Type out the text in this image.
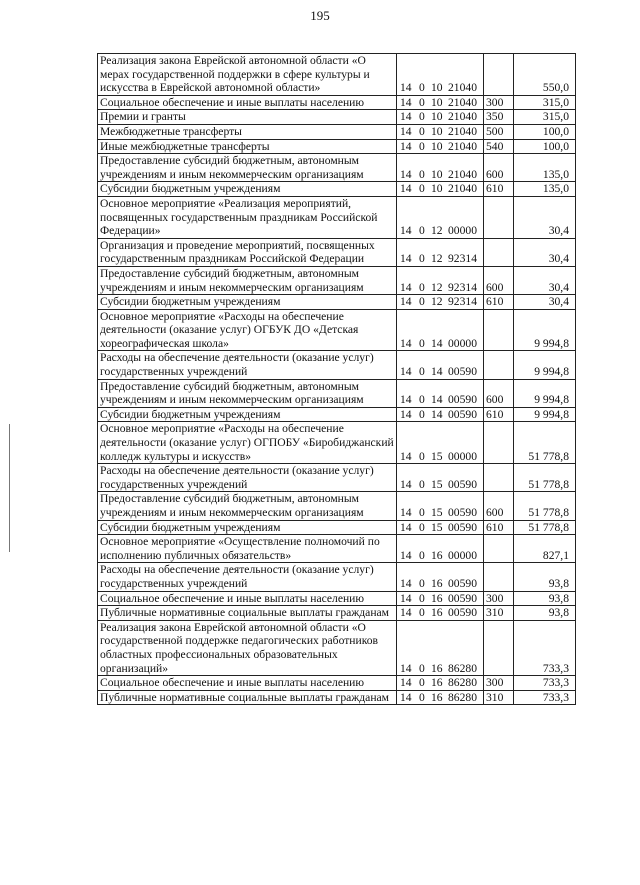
195
Реализация закона Еврейской автономной области «О мерах государственной поддержки в сфере культуры и искусства в Еврейской автономной области»	14 0 10 21040		550,0
Социальное обеспечение и иные выплаты населению	14 0 10 21040	300	315,0
Премии и гранты	14 0 10 21040	350	315,0
Межбюджетные трансферты	14 0 10 21040	500	100,0
Иные межбюджетные трансферты	14 0 10 21040	540	100,0
Предоставление субсидий бюджетным, автономным учреждениям и иным некоммерческим организациям	14 0 10 21040	600	135,0
Субсидии бюджетным учреждениям	14 0 10 21040	610	135,0
Основное мероприятие «Реализация мероприятий, посвященных государственным праздникам Российской Федерации»	14 0 12 00000		30,4
Организация и проведение мероприятий, посвященных государственным праздникам Российской Федерации	14 0 12 92314		30,4
Предоставление субсидий бюджетным, автономным учреждениям и иным некоммерческим организациям	14 0 12 92314	600	30,4
Субсидии бюджетным учреждениям	14 0 12 92314	610	30,4
Основное мероприятие «Расходы на обеспечение деятельности (оказание услуг) ОГБУК ДО «Детская хореографическая школа»	14 0 14 00000		9 994,8
Расходы на обеспечение деятельности (оказание услуг) государственных учреждений	14 0 14 00590		9 994,8
Предоставление субсидий бюджетным, автономным учреждениям и иным некоммерческим организациям	14 0 14 00590	600	9 994,8
Субсидии бюджетным учреждениям	14 0 14 00590	610	9 994,8
Основное мероприятие «Расходы на обеспечение деятельности (оказание услуг) ОГПОБУ «Биробиджанский колледж культуры и искусств»	14 0 15 00000		51 778,8
Расходы на обеспечение деятельности (оказание услуг) государственных учреждений	14 0 15 00590		51 778,8
Предоставление субсидий бюджетным, автономным учреждениям и иным некоммерческим организациям	14 0 15 00590	600	51 778,8
Субсидии бюджетным учреждениям	14 0 15 00590	610	51 778,8
Основное мероприятие «Осуществление полномочий по исполнению публичных обязательств»	14 0 16 00000		827,1
Расходы на обеспечение деятельности (оказание услуг) государственных учреждений	14 0 16 00590		93,8
Социальное обеспечение и иные выплаты населению	14 0 16 00590	300	93,8
Публичные нормативные социальные выплаты гражданам	14 0 16 00590	310	93,8
Реализация закона Еврейской автономной области «О государственной поддержке педагогических работников областных профессиональных образовательных организаций»	14 0 16 86280		733,3
Социальное обеспечение и иные выплаты населению	14 0 16 86280	300	733,3
Публичные нормативные социальные выплаты гражданам	14 0 16 86280	310	733,3
